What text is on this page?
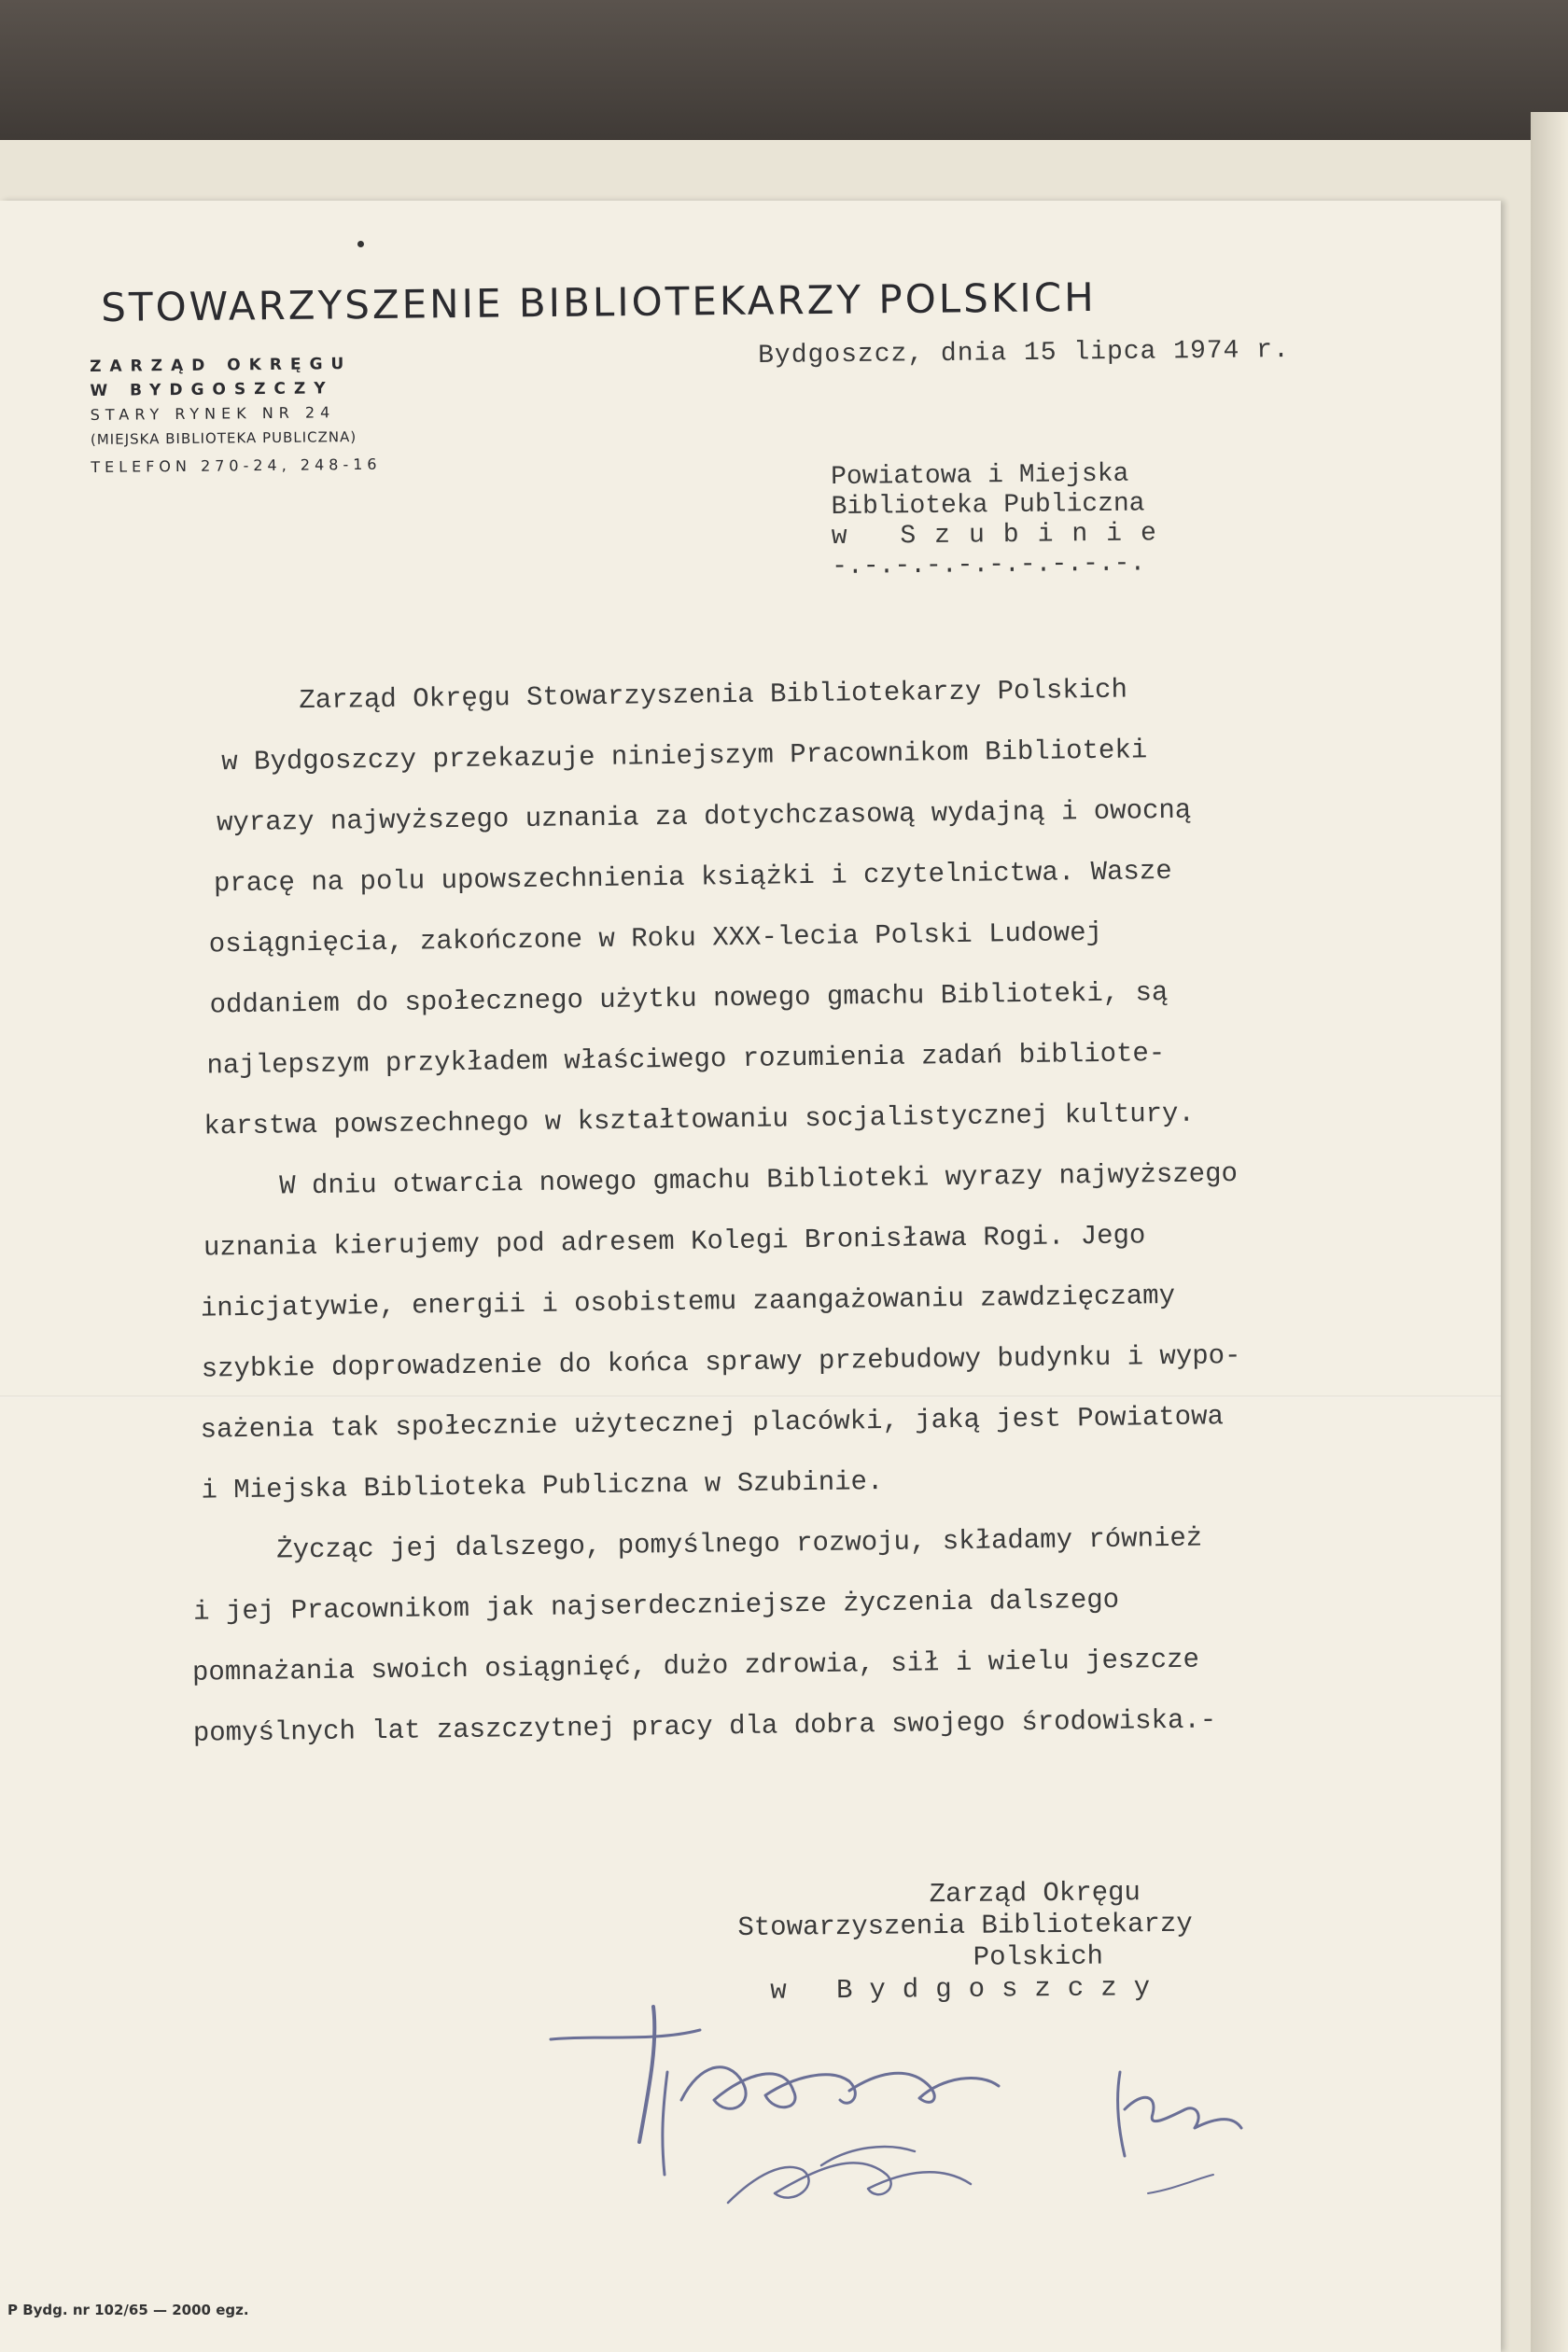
STOWARZYSZENIE BIBLIOTEKARZY POLSKICH
ZARZĄD OKRĘGU
W BYDGOSZCZY
STARY RYNEK NR 24
(MIEJSKA BIBLIOTEKA PUBLICZNA)
TELEFON 270-24, 248-16
Bydgoszcz, dnia 15 lipca 1974 r.
Powiatowa i Miejska
Biblioteka Publiczna
w Szubinie
-.-.-.-.-.-.-.-.-.-.
Zarząd Okręgu Stowarzyszenia Bibliotekarzy Polskich
w Bydgoszczy przekazuje niniejszym Pracownikom Biblioteki
wyrazy najwyższego uznania za dotychczasową wydajną i owocną
pracę na polu upowszechnienia książki i czytelnictwa. Wasze
osiągnięcia, zakończone w Roku XXX-lecia Polski Ludowej
oddaniem do społecznego użytku nowego gmachu Biblioteki, są
najlepszym przykładem właściwego rozumienia zadań bibliote-
karstwa powszechnego w kształtowaniu socjalistycznej kultury.
W dniu otwarcia nowego gmachu Biblioteki wyrazy najwyższego
uznania kierujemy pod adresem Kolegi Bronisława Rogi. Jego
inicjatywie, energii i osobistemu zaangażowaniu zawdzięczamy
szybkie doprowadzenie do końca sprawy przebudowy budynku i wypo-
sażenia tak społecznie użytecznej placówki, jaką jest Powiatowa
i Miejska Biblioteka Publiczna w Szubinie.
Życząc jej dalszego, pomyślnego rozwoju, składamy również
i jej Pracownikom jak najserdeczniejsze życzenia dalszego
pomnażania swoich osiągnięć, dużo zdrowia, sił i wielu jeszcze
pomyślnych lat zaszczytnej pracy dla dobra swojego środowiska.-
Zarząd Okręgu
Stowarzyszenia Bibliotekarzy
Polskich
w Bydgoszczy
P Bydg. nr 102/65 — 2000 egz.
